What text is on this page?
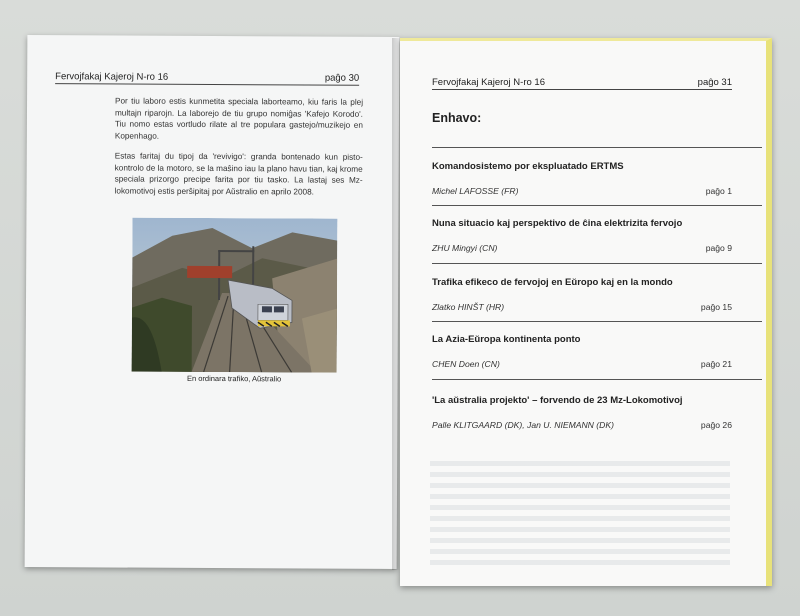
Fervojfakaj Kajeroj N-ro 16	paĝo 30
Por tiu laboro estis kunmetita speciala laborteamo, kiu faris la plej multajn riparojn. La laborejo de tiu grupo nomiĝas 'Kafejo Korodo'. Tiu nomo estas vortludo rilate al tre populara gastejo/muzikejo en Kopenhago.
Estas faritaj du tipoj da 'revivigo': granda bontenado kun pisto-kontrolo de la motoro, se la maŝino iau la plano havu tian, kaj krome speciala prizorgo precipe farita por tiu tasko. La lastaj ses Mz-lokomotivoj estis perŝipitaj por Aŭstralio en aprilo 2008.
En ordinara trafiko, Aŭstralio
Fervojfakaj Kajeroj N-ro 16	paĝo 31
Enhavo:
Komandosistemo por ekspluatado ERTMS
Michel LAFOSSE (FR)	paĝo 1
Nuna situacio kaj perspektivo de ĉina elektrizita fervojo
ZHU Mingyi (CN)	paĝo 9
Trafika efikeco de fervojoj en Eŭropo kaj en la mondo
Zlatko HINŠT (HR)	paĝo 15
La Azia-Eŭropa kontinenta ponto
CHEN Doen (CN)	paĝo 21
'La aŭstralia projekto' – forvendo de 23 Mz-Lokomotivoj
Palle KLITGAARD (DK), Jan U. NIEMANN (DK)	paĝo 26
